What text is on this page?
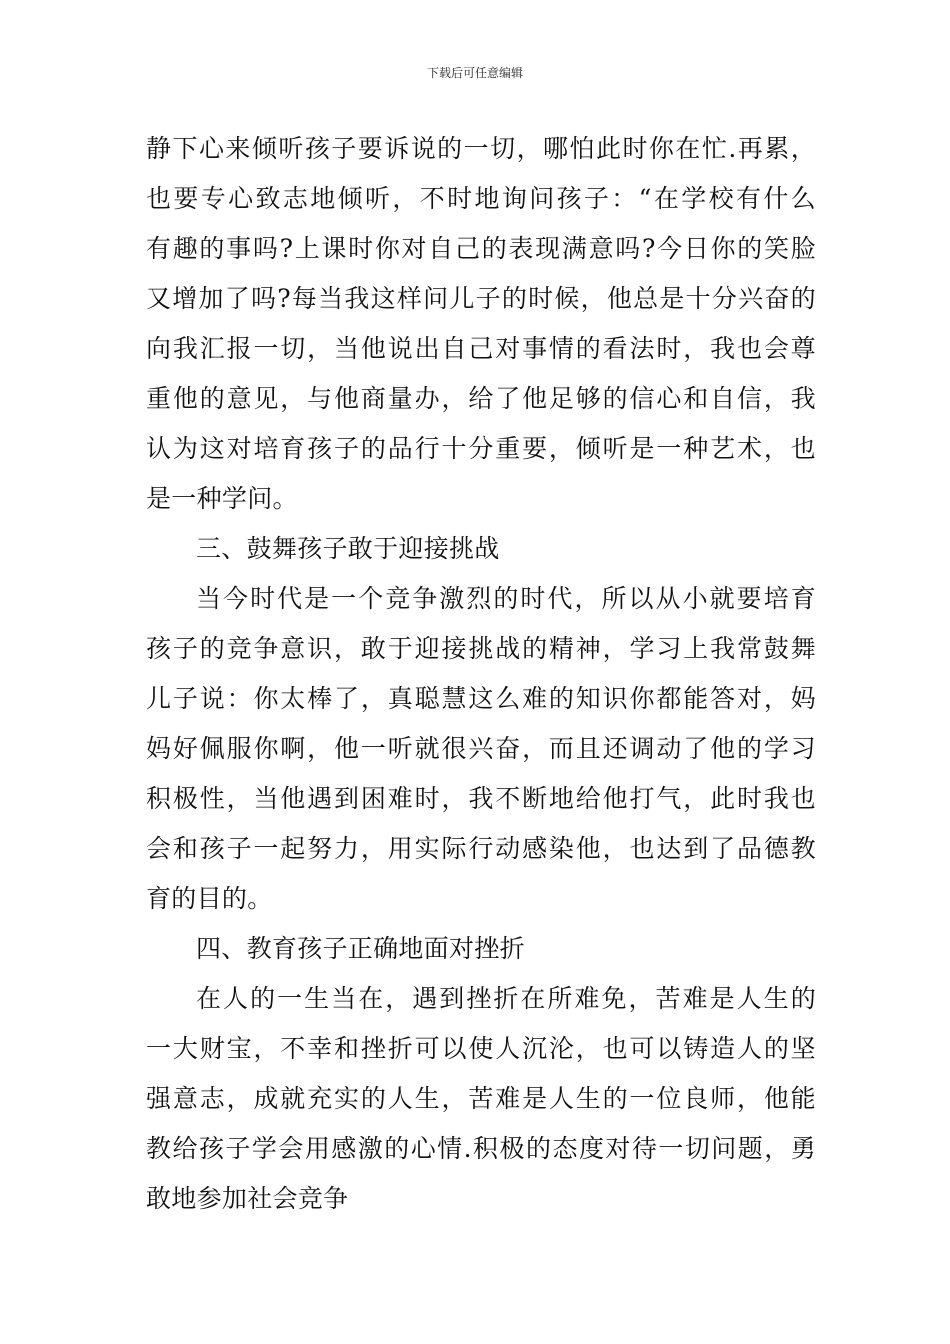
下载后可任意编辑
静下心来倾听孩子要诉说的一切，哪怕此时你在忙.再累，
也要专心致志地倾听，不时地询问孩子：“在学校有什么
有趣的事吗?上课时你对自己的表现满意吗?今日你的笑脸
又增加了吗?每当我这样问儿子的时候，他总是十分兴奋的
向我汇报一切，当他说出自己对事情的看法时，我也会尊
重他的意见，与他商量办，给了他足够的信心和自信，我
认为这对培育孩子的品行十分重要，倾听是一种艺术，也
是一种学问。
三、鼓舞孩子敢于迎接挑战
当今时代是一个竞争激烈的时代，所以从小就要培育
孩子的竞争意识，敢于迎接挑战的精神，学习上我常鼓舞
儿子说：你太棒了，真聪慧这么难的知识你都能答对，妈
妈好佩服你啊，他一听就很兴奋，而且还调动了他的学习
积极性，当他遇到困难时，我不断地给他打气，此时我也
会和孩子一起努力，用实际行动感染他，也达到了品德教
育的目的。
四、教育孩子正确地面对挫折
在人的一生当在，遇到挫折在所难免，苦难是人生的
一大财宝，不幸和挫折可以使人沉沦，也可以铸造人的坚
强意志，成就充实的人生，苦难是人生的一位良师，他能
教给孩子学会用感激的心情.积极的态度对待一切问题，勇
敢地参加社会竞争
